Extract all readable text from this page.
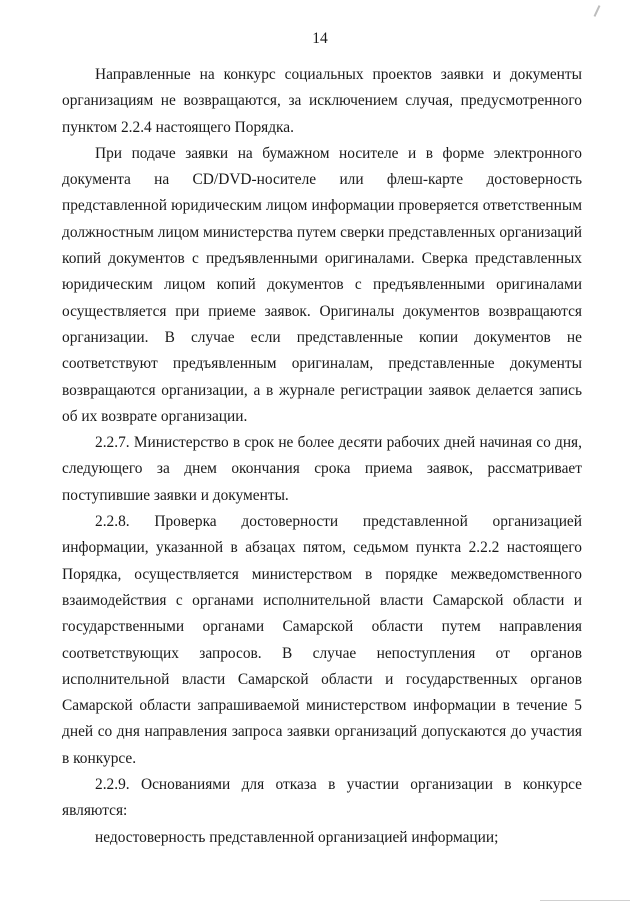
14

Направленные на конкурс социальных проектов заявки и документы организациям не возвращаются, за исключением случая, предусмотренного пунктом 2.2.4 настоящего Порядка.

При подаче заявки на бумажном носителе и в форме электронного документа на CD/DVD-носителе или флеш-карте достоверность представленной юридическим лицом информации проверяется ответственным должностным лицом министерства путем сверки представленных организаций копий документов с предъявленными оригиналами. Сверка представленных юридическим лицом копий документов с предъявленными оригиналами осуществляется при приеме заявок. Оригиналы документов возвращаются организации. В случае если представленные копии документов не соответствуют предъявленным оригиналам, представленные документы возвращаются организации, а в журнале регистрации заявок делается запись об их возврате организации.

2.2.7. Министерство в срок не более десяти рабочих дней начиная со дня, следующего за днем окончания срока приема заявок, рассматривает поступившие заявки и документы.

2.2.8. Проверка достоверности представленной организацией информации, указанной в абзацах пятом, седьмом пункта 2.2.2 настоящего Порядка, осуществляется министерством в порядке межведомственного взаимодействия с органами исполнительной власти Самарской области и государственными органами Самарской области путем направления соответствующих запросов. В случае непоступления от органов исполнительной власти Самарской области и государственных органов Самарской области запрашиваемой министерством информации в течение 5 дней со дня направления запроса заявки организаций допускаются до участия в конкурсе.

2.2.9. Основаниями для отказа в участии организации в конкурсе являются:

недостоверность представленной организацией информации;
